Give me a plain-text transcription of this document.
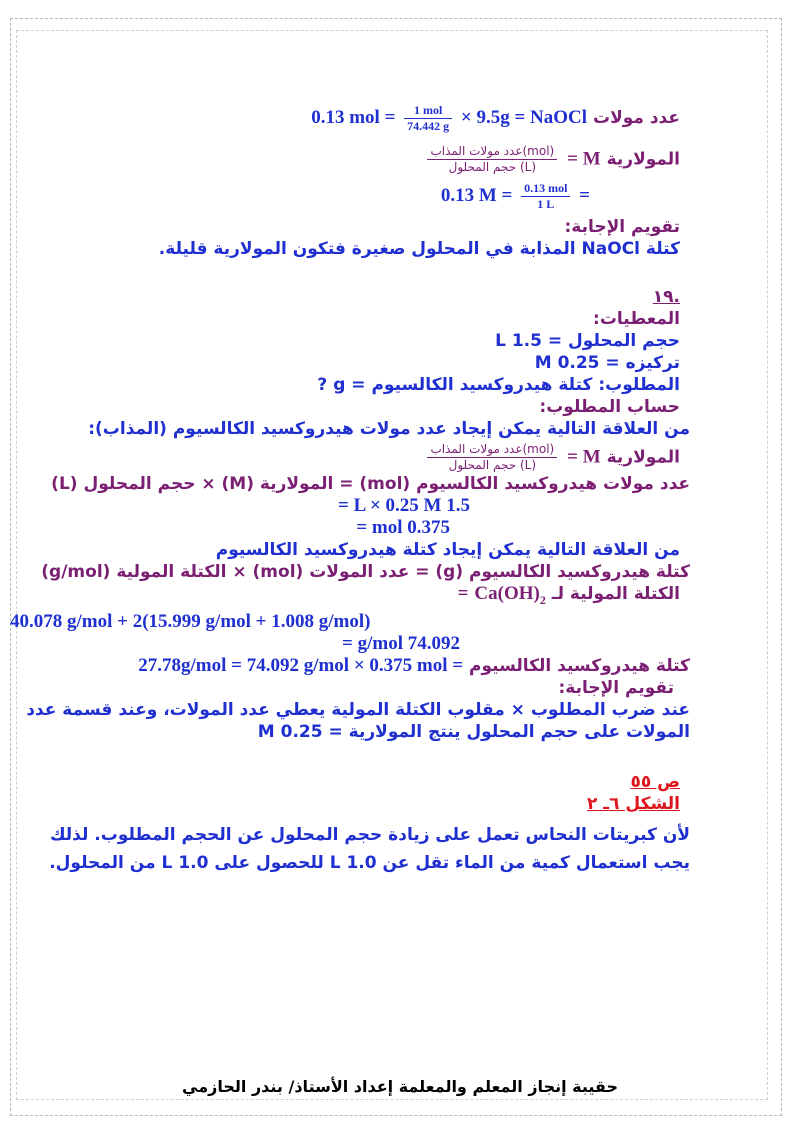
عدد مولات 0.13 mol = $\frac{\text{1 mol}}{74.442 g} \times 9.5g$ = NaOCl

المولارية M =
$\frac{\text{عدد مولات المذاب(mol)}}{\text{حجم المحلول (L)}}$

0.13 $M = \frac{\text{0.13 mol}}{1 L}$ =

تقويم الإجابة:

كتلة NaOCl المذابة في المحلول صغيرة فتكون المولارية قليلة.

.١٩

المعطيات:

حجم المحلول = 1.5 L

تركيزه = 0.25 M

المطلوب: كتلة هيدروكسيد الكالسيوم = g ?

حساب المطلوب:

من العلاقة التالية يمكن إيجاد عدد مولات هيدروكسيد الكالسيوم (المذاب):

المولارية M =
$\frac{\text{عدد مولات المذاب(mol)}}{\text{حجم المحلول (L)}}$

عدد مولات هيدروكسيد الكالسيوم (mol) = المولارية (M) × حجم المحلول (L)

1.5 L × 0.25 M =

0.375 mol =

من العلاقة التالية يمكن إيجاد كتلة هيدروكسيد الكالسيوم

كتلة هيدروكسيد الكالسيوم (g) = عدد المولات (mol) × الكتلة المولية (g/mol)

الكتلة المولية لـ $Ca(OH)_2$ =

40.078 g/mol + 2(15.999 g/mol + 1.008 g/mol)

74.092 g/mol =

كتلة هيدروكسيد الكالسيوم 27.78g/mol = 74.092 g/mol × 0.375 mol =

تقويم الإجابة:

عند ضرب المطلوب × مقلوب الكتلة المولية يعطي عدد المولات، وعند قسمة عدد

المولات على حجم المحلول ينتج المولارية = 0.25 M

ص ٥٥

الشكل ٦ـ ٢

لأن كبريتات النحاس تعمل على زيادة حجم المحلول عن الحجم المطلوب. لذلك

يجب استعمال كمية من الماء تقل عن 1.0 L للحصول على 1.0 L من المحلول.

حقيبة إنجاز المعلم والمعلمة إعداد الأستاذ/ بندر الحازمي
